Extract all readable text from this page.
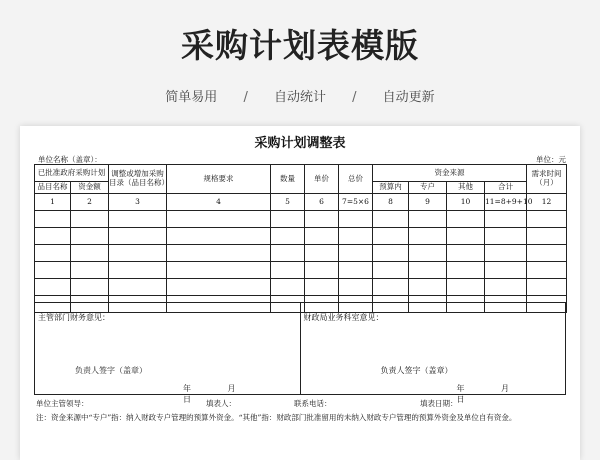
采购计划表模版
简单易用 / 自动统计 / 自动更新
采购计划调整表
单位名称（盖章）：	单位：元
已批准政府采购计划		调整或增加采购目录（品目名称）	规格要求	数量	单价	总价	资金来源				需求时间（月）
品目名称	资金额						预算内	专户	其他	合计	
1	2	3	4	5	6	7=5×6	8	9	10	11=8+9+10	12

主管部门财务意见：
负责人签字（盖章）
年	月 日
财政局业务科室意见：
负责人签字（盖章）
年	月 日
单位主管领导：	填表人：	联系电话：	填表日期：
注：资金来源中“专户”指：纳入财政专户管理的预算外资金。“其他”指：财政部门批准留用的未纳入财政专户管理的预算外资金及单位自有资金。
